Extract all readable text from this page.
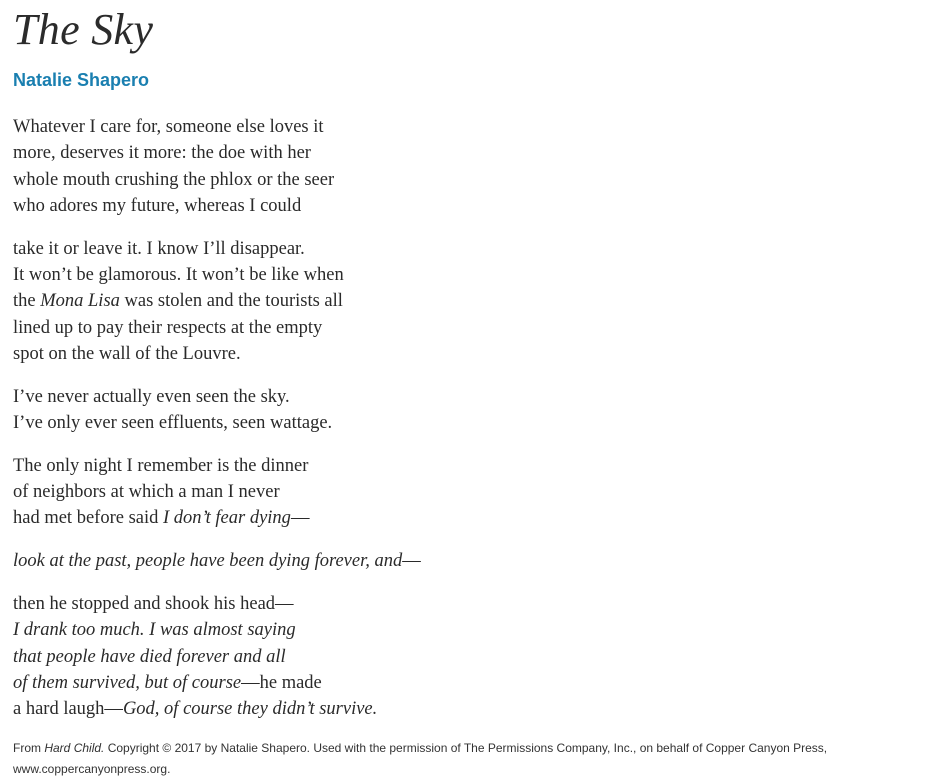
The Sky
Natalie Shapero
Whatever I care for, someone else loves it
more, deserves it more: the doe with her
whole mouth crushing the phlox or the seer
who adores my future, whereas I could
take it or leave it. I know I’ll disappear.
It won’t be glamorous. It won’t be like when
the Mona Lisa was stolen and the tourists all
lined up to pay their respects at the empty
spot on the wall of the Louvre.
I’ve never actually even seen the sky.
I’ve only ever seen effluents, seen wattage.
The only night I remember is the dinner
of neighbors at which a man I never
had met before said I don’t fear dying—
look at the past, people have been dying forever, and—
then he stopped and shook his head—
I drank too much. I was almost saying
that people have died forever and all
of them survived, but of course—he made
a hard laugh—God, of course they didn’t survive.
From Hard Child. Copyright © 2017 by Natalie Shapero. Used with the permission of The Permissions Company, Inc., on behalf of Copper Canyon Press, www.coppercanyonpress.org.
